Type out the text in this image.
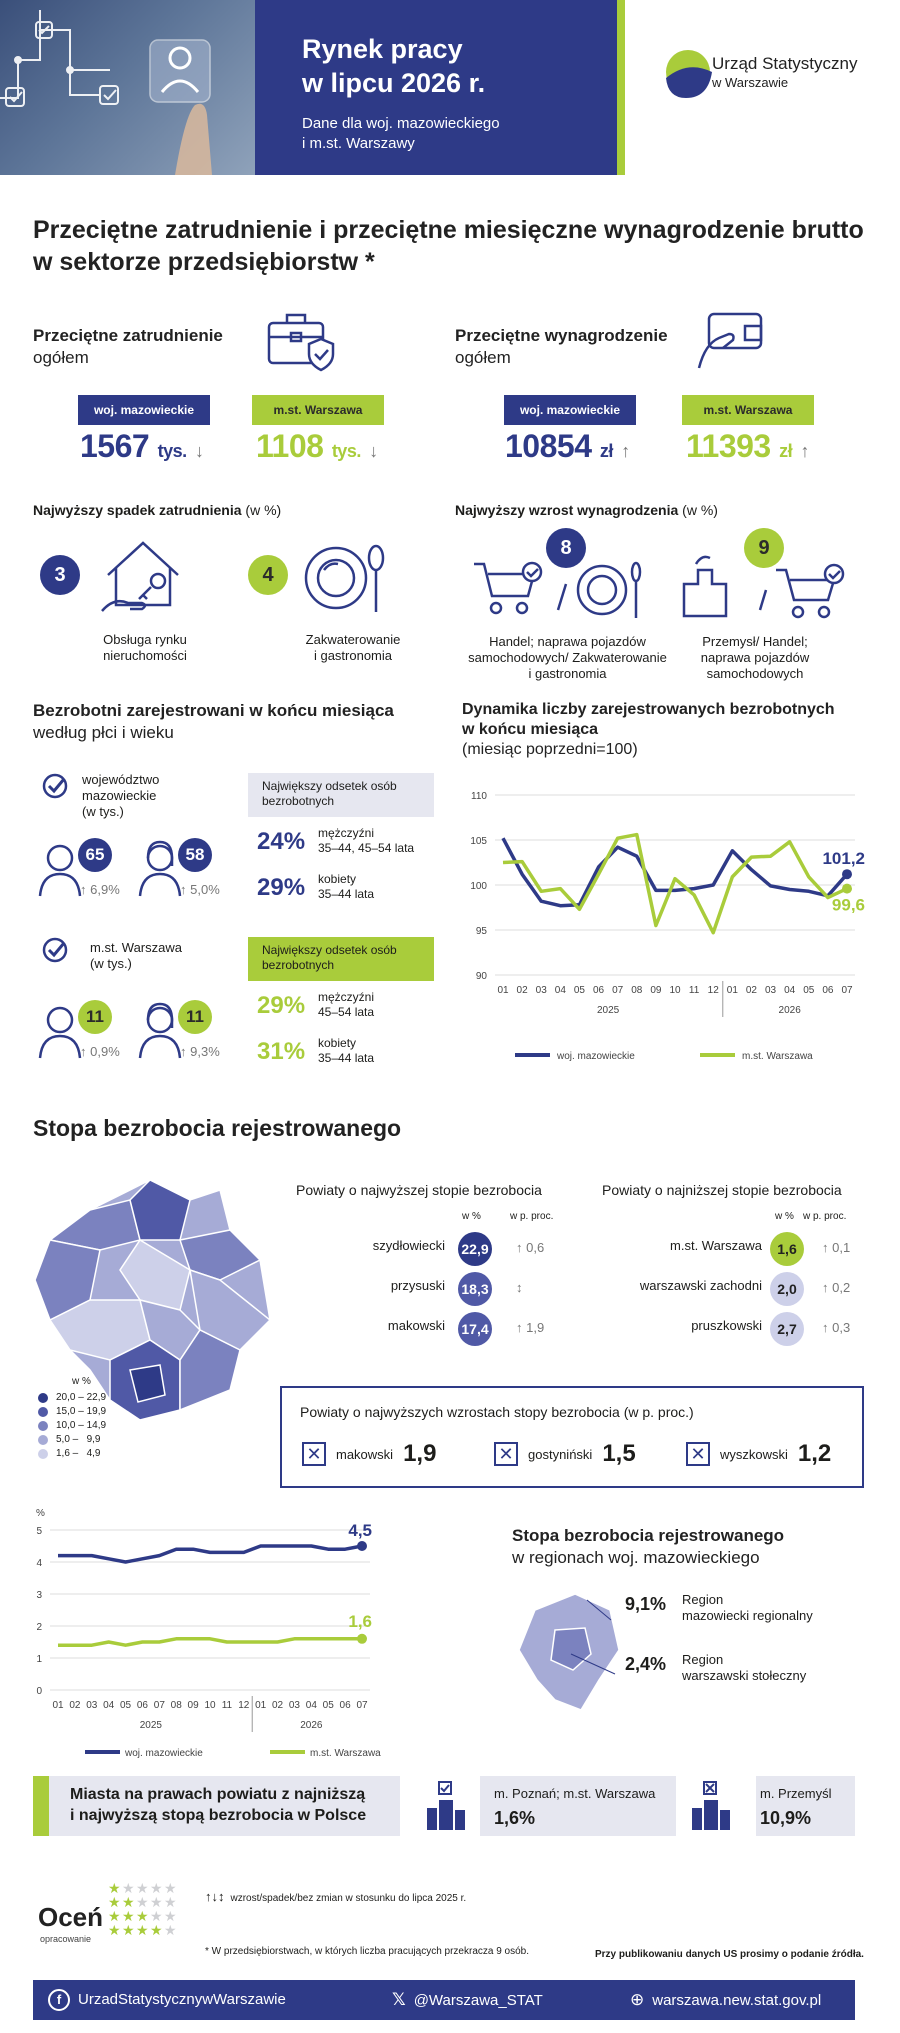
Rynek pracy
w lipcu 2026 r.
Dane dla woj. mazowieckiego
i m.st. Warszawy
Urząd Statystyczny
w Warszawie
Przeciętne zatrudnienie i przeciętne miesięczne wynagrodzenie brutto
w sektorze przedsiębiorstw *
Przeciętne zatrudnienie
ogółem
woj. mazowieckie	m.st. Warszawa
1567 tys. ↓ 1108 tys. ↓
Przeciętne wynagrodzenie
ogółem
woj. mazowieckie	m.st. Warszawa
10854 zł ↑ 11393 zł ↑
Najwyższy spadek zatrudnienia (w %)
3
Obsługa rynku
nieruchomości
4
Zakwaterowanie
i gastronomia
Najwyższy wzrost wynagrodzenia (w %)
8
Handel; naprawa pojazdów
samochodowych/ Zakwaterowanie
i gastronomia
9
Przemysł/ Handel;
naprawa pojazdów
samochodowych
Bezrobotni zarejestrowani w końcu miesiąca
według płci i wieku
województwo
mazowieckie
(w tys.)
65
↑ 6,9%
58
↑ 5,0%
Największy odsetek osób
bezrobotnych
24% mężczyźni
35–44, 45–54 lata
29% kobiety
35–44 lata
m.st. Warszawa
(w tys.)
11
↑ 0,9%
11
↑ 9,3%
Największy odsetek osób
bezrobotnych
29% mężczyźni
45–54 lata
31% kobiety
35–44 lata
Dynamika liczby zarejestrowanych bezrobotnych
w końcu miesiąca
(miesiąc poprzedni=100)
90
95
100
105
110
01 02 03 04 05 06 07 08 09 10 11 12 01 02 03 04 05 06 07
2025	2026
101,2
99,6
woj. mazowieckie	m.st. Warszawa
Stopa bezrobocia rejestrowanego
w %
20,0 – 22,9
15,0 – 19,9
10,0 – 14,9
5,0 –   9,9
1,6 –   4,9
Powiaty o najwyższej stopie bezrobocia	Powiaty o najniższej stopie bezrobocia
w %	w p. proc.	w % w p. proc.
szydłowiecki 22,9 ↑ 0,6
przysuski 18,3 ↕
makowski 17,4 ↑ 1,9
m.st. Warszawa	1,6	↑ 0,1
warszawski zachodni	2,0	↑ 0,2
pruszkowski	2,7	↑ 0,3
Powiaty o najwyższych wzrostach stopy bezrobocia (w p. proc.)
✕	makowski 1,9	✕	gostyniński 1,5	✕	wyszkowski 1,2
%
0
1
2
3
4
5
01 02 03 04 05 06 07 08 09 10 11 12 01 02 03 04 05 06 07
2025	2026
4,5
1,6
woj. mazowieckie	m.st. Warszawa
Stopa bezrobocia rejestrowanego
w regionach woj. mazowieckiego
9,1% Region
mazowiecki regionalny
2,4% Region
warszawski stołeczny
Miasta na prawach powiatu z najniższą
i najwyższą stopą bezrobocia w Polsce
m. Poznań; m.st. Warszawa
1,6%
m. Przemyśl
10,9%
Oceń
opracowanie
★ ★ ★ ★ ★
★ ★ ★ ★ ★
★ ★ ★ ★ ★
★ ★ ★ ★ ★
↑↓↕ wzrost/spadek/bez zmian w stosunku do lipca 2025 r.
* W przedsiębiorstwach, w których liczba pracujących przekracza 9 osób.	Przy publikowaniu danych US prosimy o podanie źródła.
f UrzadStatystycznywWarszawie	𝕏 @Warszawa_STAT	⊕ warszawa.new.stat.gov.pl
